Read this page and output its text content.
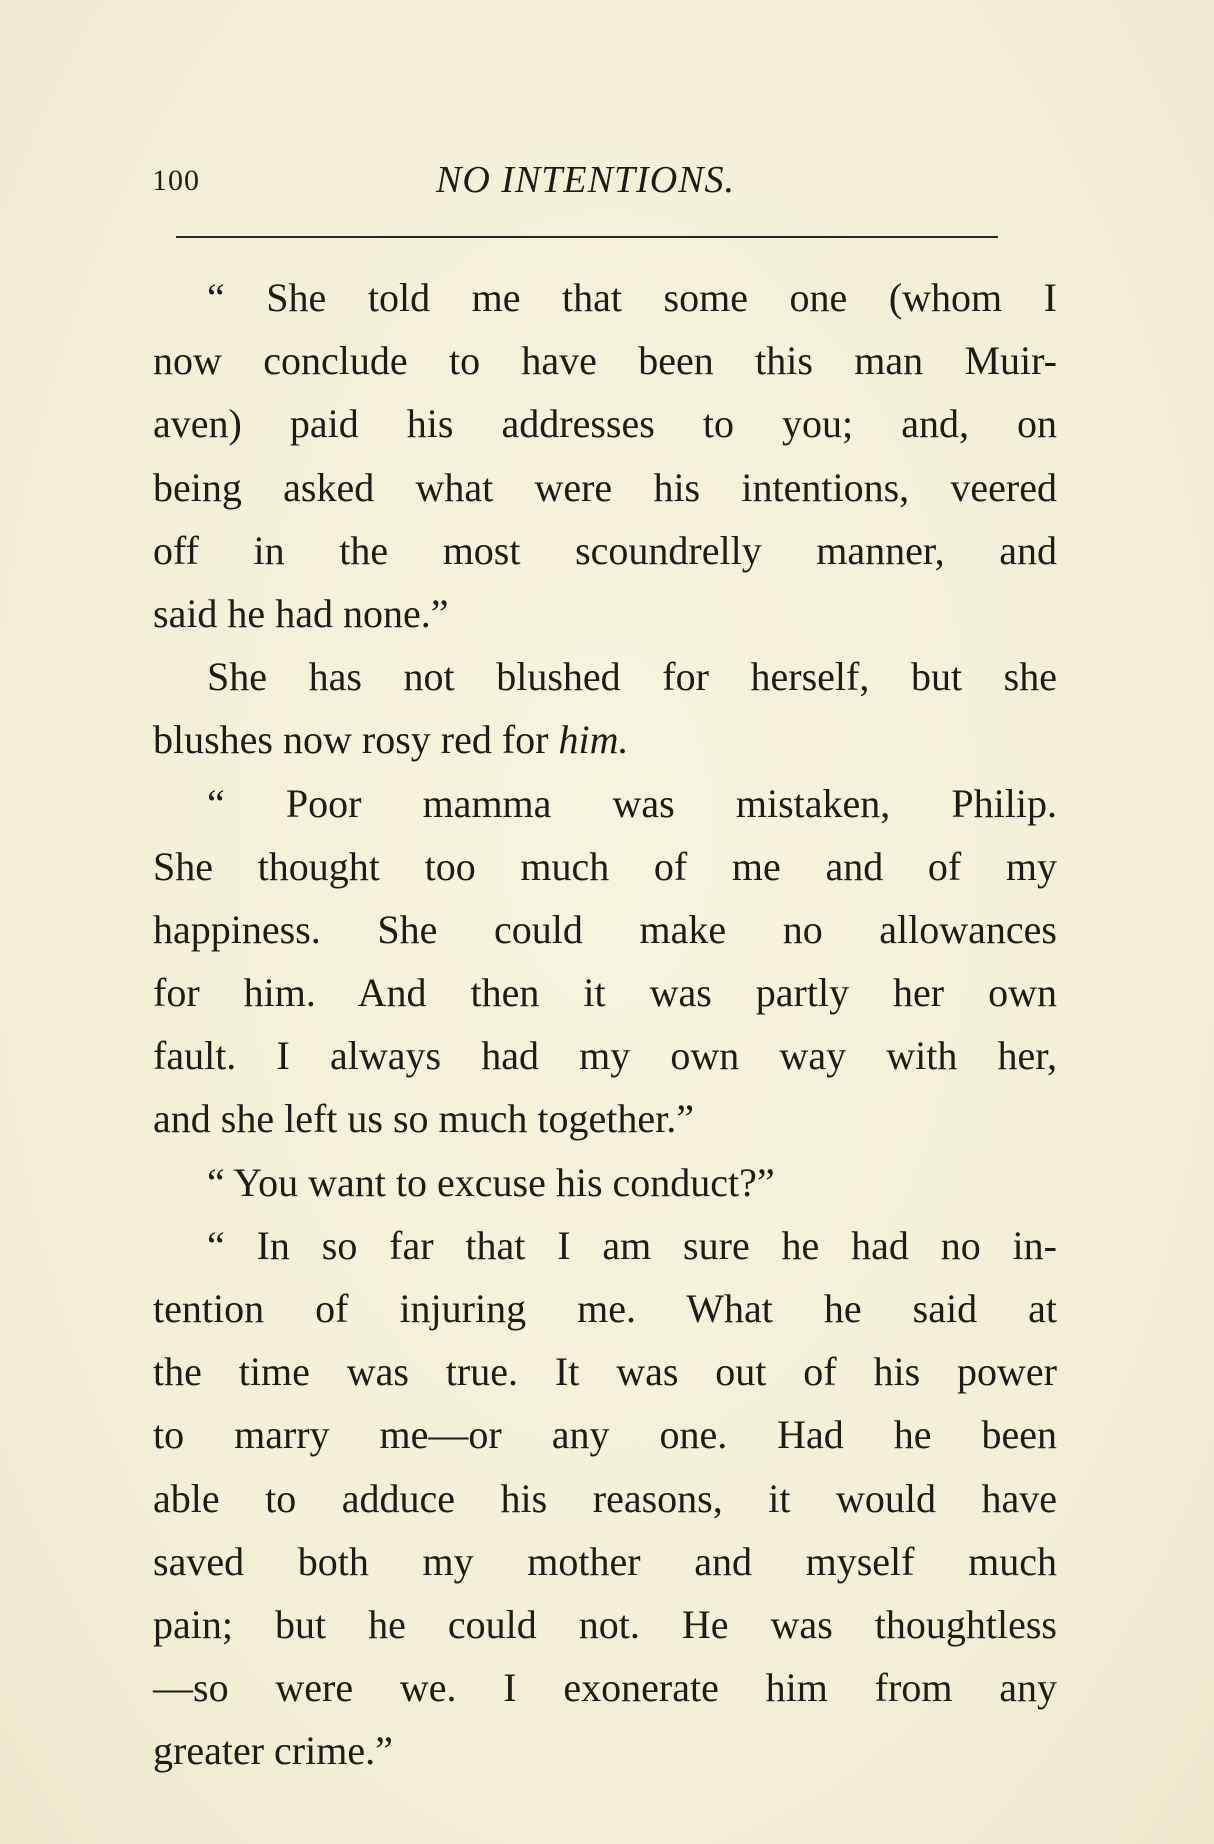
100	NO INTENTIONS.
“ She told me that some one (whom I
now conclude to have been this man Muir-
aven) paid his addresses to you; and, on
being asked what were his intentions, veered
off in the most scoundrelly manner, and
said he had none.”
She has not blushed for herself, but she
blushes now rosy red for him.
“ Poor mamma was mistaken, Philip.
She thought too much of me and of my
happiness. She could make no allowances
for him. And then it was partly her own
fault. I always had my own way with her,
and she left us so much together.”
“ You want to excuse his conduct?”
“ In so far that I am sure he had no in-
tention of injuring me. What he said at
the time was true. It was out of his power
to marry me—or any one. Had he been
able to adduce his reasons, it would have
saved both my mother and myself much
pain; but he could not. He was thoughtless
—so were we. I exonerate him from any
greater crime.”
